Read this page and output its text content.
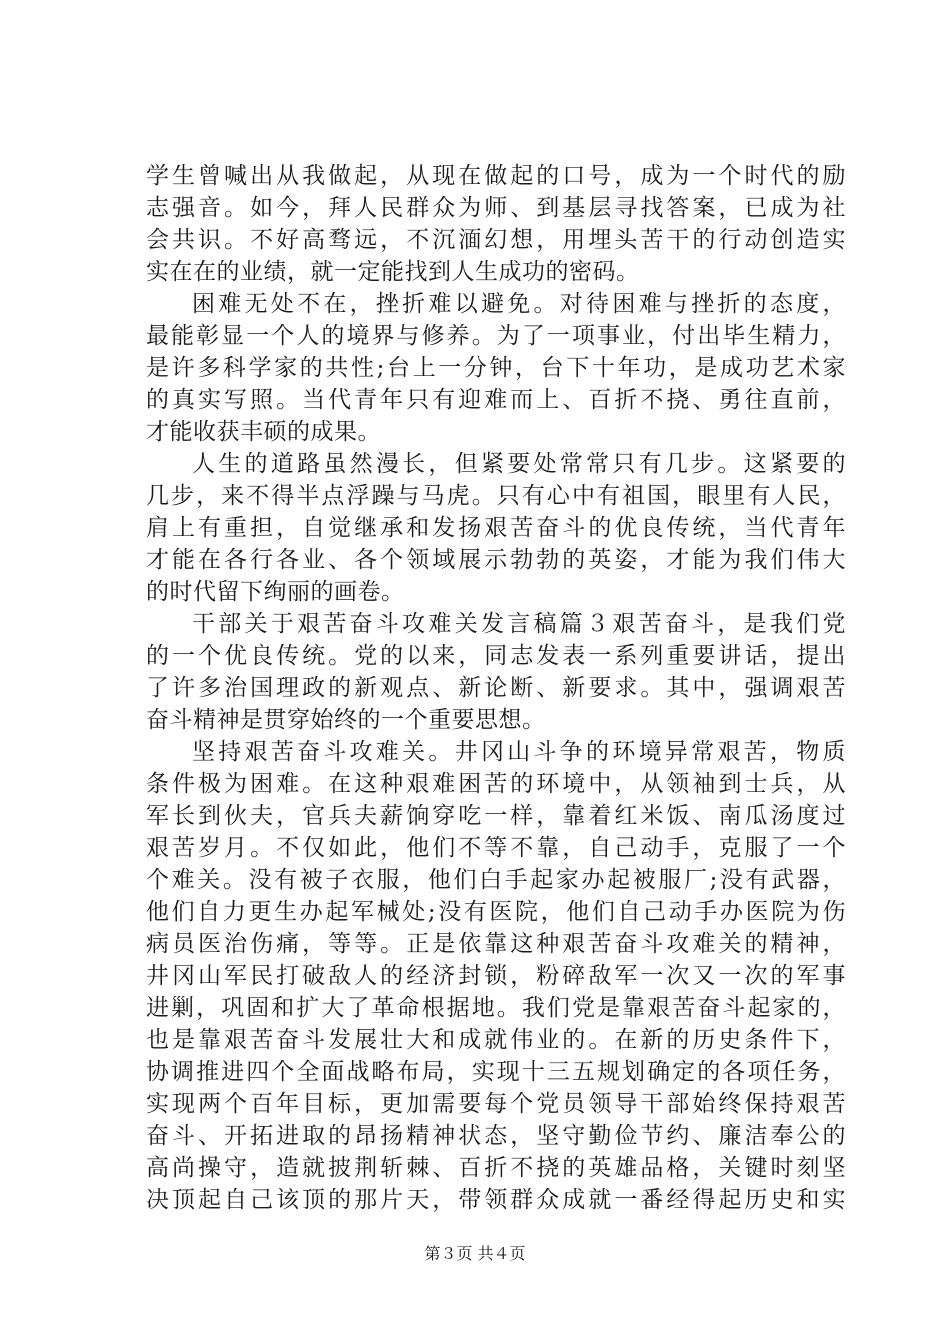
学生曾喊出从我做起，从现在做起的口号，成为一个时代的励
志强音。如今，拜人民群众为师、到基层寻找答案，已成为社
会共识。不好高骛远，不沉湎幻想，用埋头苦干的行动创造实
实在在的业绩，就一定能找到人生成功的密码。
困难无处不在，挫折难以避免。对待困难与挫折的态度，
最能彰显一个人的境界与修养。为了一项事业，付出毕生精力，
是许多科学家的共性;台上一分钟，台下十年功，是成功艺术家
的真实写照。当代青年只有迎难而上、百折不挠、勇往直前，
才能收获丰硕的成果。
人生的道路虽然漫长，但紧要处常常只有几步。这紧要的
几步，来不得半点浮躁与马虎。只有心中有祖国，眼里有人民，
肩上有重担，自觉继承和发扬艰苦奋斗的优良传统，当代青年
才能在各行各业、各个领域展示勃勃的英姿，才能为我们伟大
的时代留下绚丽的画卷。
干部关于艰苦奋斗攻难关发言稿篇３艰苦奋斗，是我们党
的一个优良传统。党的以来，同志发表一系列重要讲话，提出
了许多治国理政的新观点、新论断、新要求。其中，强调艰苦
奋斗精神是贯穿始终的一个重要思想。
坚持艰苦奋斗攻难关。井冈山斗争的环境异常艰苦，物质
条件极为困难。在这种艰难困苦的环境中，从领袖到士兵，从
军长到伙夫，官兵夫薪饷穿吃一样，靠着红米饭、南瓜汤度过
艰苦岁月。不仅如此，他们不等不靠，自己动手，克服了一个
个难关。没有被子衣服，他们白手起家办起被服厂;没有武器，
他们自力更生办起军械处;没有医院，他们自己动手办医院为伤
病员医治伤痛，等等。正是依靠这种艰苦奋斗攻难关的精神，
井冈山军民打破敌人的经济封锁，粉碎敌军一次又一次的军事
进剿，巩固和扩大了革命根据地。我们党是靠艰苦奋斗起家的，
也是靠艰苦奋斗发展壮大和成就伟业的。在新的历史条件下，
协调推进四个全面战略布局，实现十三五规划确定的各项任务，
实现两个百年目标，更加需要每个党员领导干部始终保持艰苦
奋斗、开拓进取的昂扬精神状态，坚守勤俭节约、廉洁奉公的
高尚操守，造就披荆斩棘、百折不挠的英雄品格，关键时刻坚
决顶起自己该顶的那片天，带领群众成就一番经得起历史和实
第３页 共４页
